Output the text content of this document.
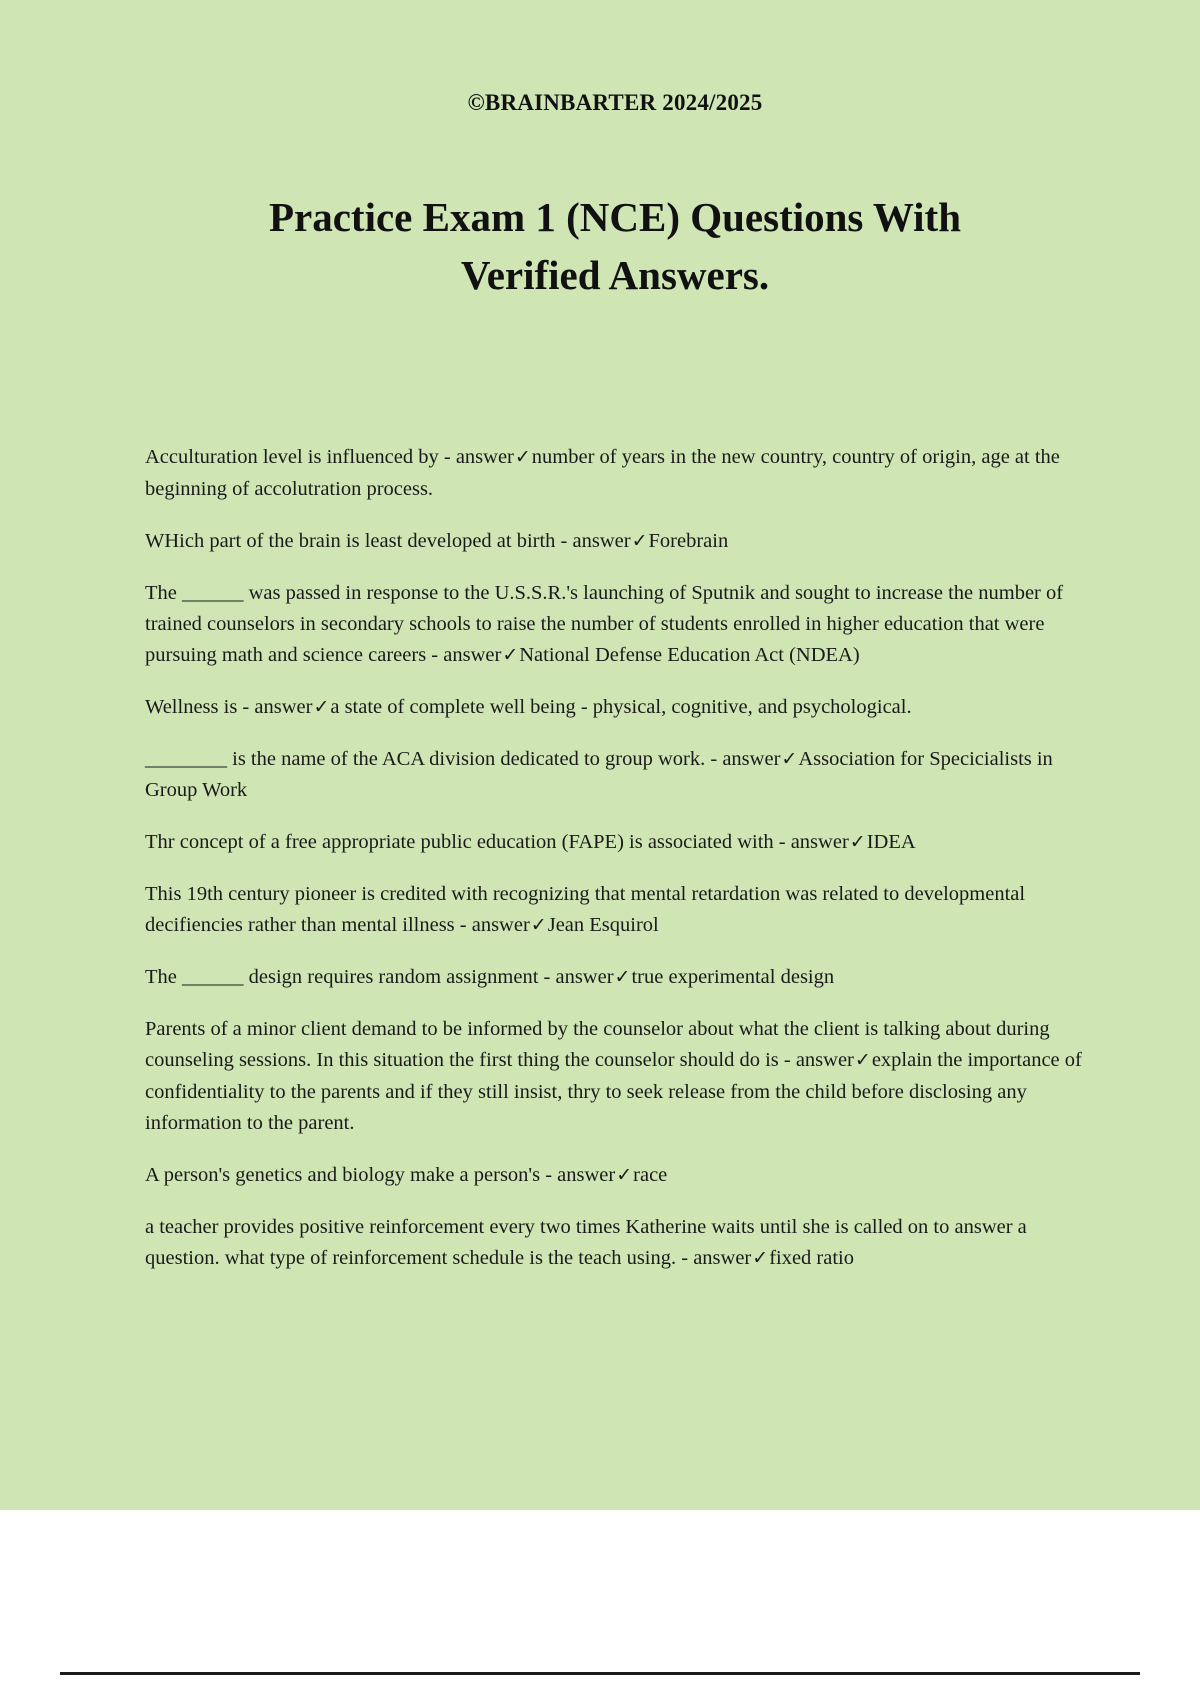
©BRAINBARTER 2024/2025
Practice Exam 1 (NCE) Questions With Verified Answers.

Acculturation level is influenced by - answer✓number of years in the new country, country of origin, age at the beginning of accolutration process.

WHich part of the brain is least developed at birth - answer✓Forebrain

The ______ was passed in response to the U.S.S.R.'s launching of Sputnik and sought to increase the number of trained counselors in secondary schools to raise the number of students enrolled in higher education that were pursuing math and science careers - answer✓National Defense Education Act (NDEA)

Wellness is - answer✓a state of complete well being - physical, cognitive, and psychological.

________ is the name of the ACA division dedicated to group work. - answer✓Association for Specicialists in Group Work

Thr concept of a free appropriate public education (FAPE) is associated with - answer✓IDEA

This 19th century pioneer is credited with recognizing that mental retardation was related to developmental decifiencies rather than mental illness - answer✓Jean Esquirol

The ______ design requires random assignment - answer✓true experimental design

Parents of a minor client demand to be informed by the counselor about what the client is talking about during counseling sessions. In this situation the first thing the counselor should do is - answer✓explain the importance of confidentiality to the parents and if they still insist, thry to seek release from the child before disclosing any information to the parent.

A person's genetics and biology make a person's - answer✓race

a teacher provides positive reinforcement every two times Katherine waits until she is called on to answer a question. what type of reinforcement schedule is the teach using. - answer✓fixed ratio
